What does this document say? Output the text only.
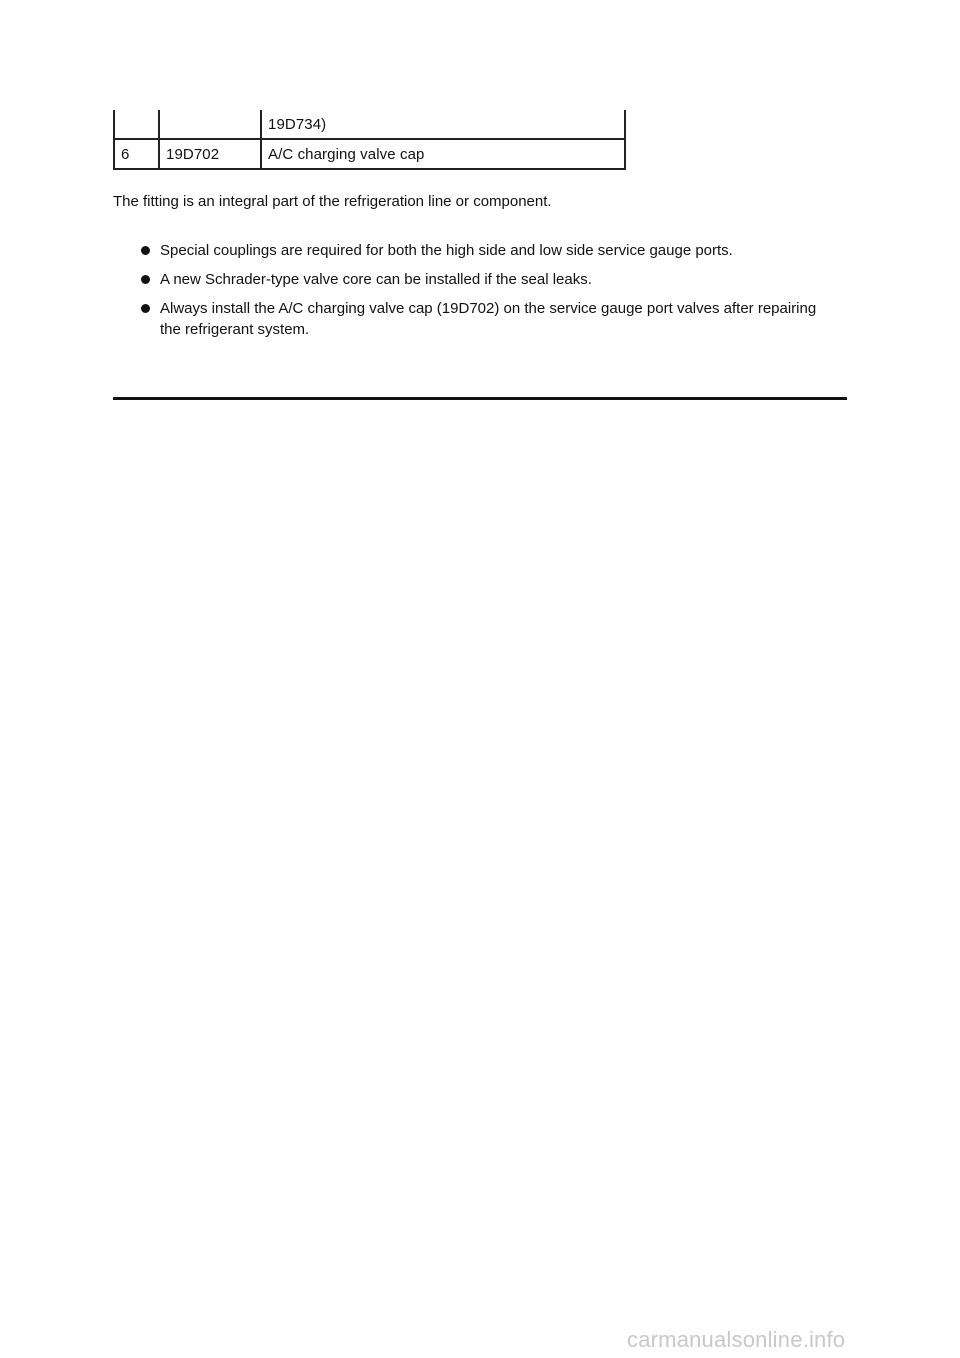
		19D734)
6	19D702	A/C charging valve cap

The fitting is an integral part of the refrigeration line or component.

Special couplings are required for both the high side and low side service gauge ports.
A new Schrader-type valve core can be installed if the seal leaks.
Always install the A/C charging valve cap (19D702) on the service gauge port valves after repairing the refrigerant system.
carmanualsonline.info
